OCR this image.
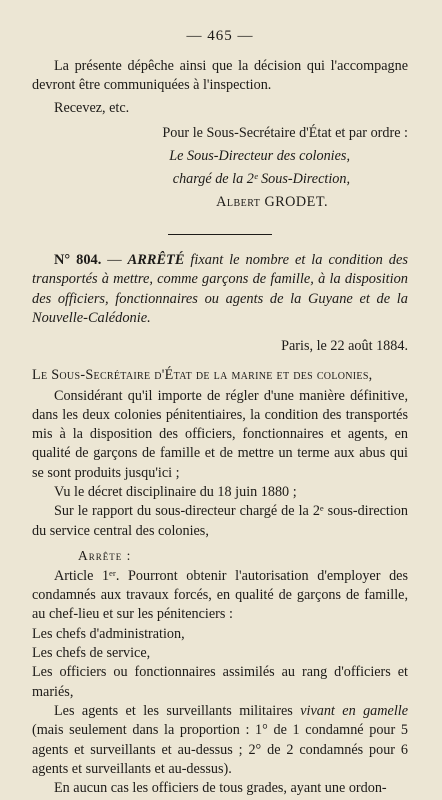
— 465 —

La présente dépêche ainsi que la décision qui l'accompagne devront être communiquées à l'inspection.

Recevez, etc.

Pour le Sous-Secrétaire d'État et par ordre :
Le Sous-Directeur des colonies,
chargé de la 2ᵉ Sous-Direction,
Albert GRODET.

N° 804. — ARRÊTÉ fixant le nombre et la condition des transportés à mettre, comme garçons de famille, à la disposition des officiers, fonctionnaires ou agents de la Guyane et de la Nouvelle-Calédonie.

Paris, le 22 août 1884.
Le Sous-Secrétaire d'État de la marine et des colonies,

Considérant qu'il importe de régler d'une manière définitive, dans les deux colonies pénitentiaires, la condition des transportés mis à la disposition des officiers, fonctionnaires et agents, en qualité de garçons de famille et de mettre un terme aux abus qui se sont produits jusqu'ici ;

Vu le décret disciplinaire du 18 juin 1880 ;

Sur le rapport du sous-directeur chargé de la 2ᵉ sous-direction du service central des colonies,

Arrête :

Article 1ᵉʳ. Pourront obtenir l'autorisation d'employer des condamnés aux travaux forcés, en qualité de garçons de famille, au chef-lieu et sur les pénitenciers :

Les chefs d'administration,

Les chefs de service,

Les officiers ou fonctionnaires assimilés au rang d'officiers et mariés,

Les agents et les surveillants militaires vivant en gamelle (mais seulement dans la proportion : 1° de 1 condamné pour 5 agents et surveillants et au-dessus ; 2° de 2 condamnés pour 6 agents et surveillants et au-dessus).

En aucun cas les officiers de tous grades, ayant une ordon-
